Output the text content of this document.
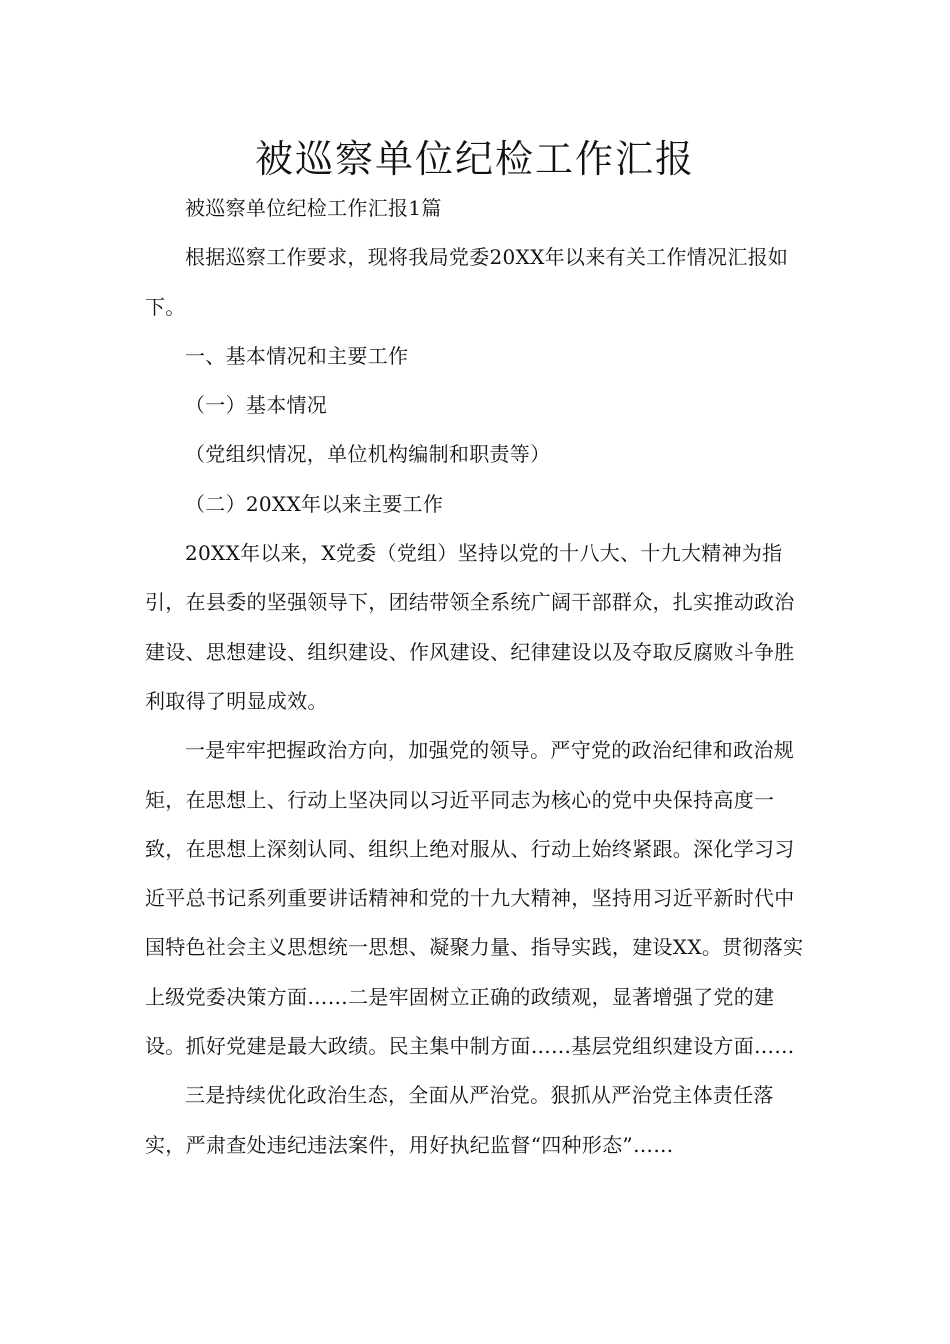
被巡察单位纪检工作汇报

被巡察单位纪检工作汇报1篇

根据巡察工作要求，现将我局党委20XX年以来有关工作情况汇报如下。

一、基本情况和主要工作

（一）基本情况

（党组织情况，单位机构编制和职责等）

（二）20XX年以来主要工作

20XX年以来，X党委（党组）坚持以党的十八大、十九大精神为指引，在县委的坚强领导下，团结带领全系统广阔干部群众，扎实推动政治建设、思想建设、组织建设、作风建设、纪律建设以及夺取反腐败斗争胜利取得了明显成效。

一是牢牢把握政治方向，加强党的领导。严守党的政治纪律和政治规矩，在思想上、行动上坚决同以习近平同志为核心的党中央保持高度一致，在思想上深刻认同、组织上绝对服从、行动上始终紧跟。深化学习习近平总书记系列重要讲话精神和党的十九大精神，坚持用习近平新时代中国特色社会主义思想统一思想、凝聚力量、指导实践，建设XX。贯彻落实上级党委决策方面……二是牢固树立正确的政绩观，显著增强了党的建设。抓好党建是最大政绩。民主集中制方面……基层党组织建设方面……

三是持续优化政治生态，全面从严治党。狠抓从严治党主体责任落实，严肃查处违纪违法案件，用好执纪监督“四种形态”……
